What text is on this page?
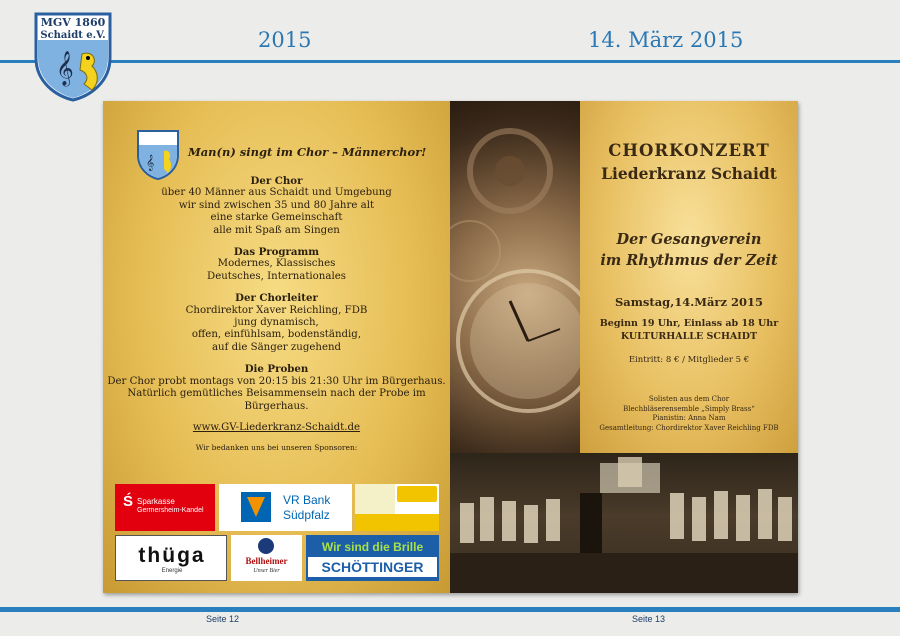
MGV 1860
Schaidt e.V.
𝄞
2015	14. März 2015
𝄞
Man(n) singt im Chor – Männerchor!
Der Chor
über 40 Männer aus Schaidt und Umgebung
wir sind zwischen 35 und 80 Jahre alt
eine starke Gemeinschaft
alle mit Spaß am Singen
Das Programm
Modernes, Klassisches
Deutsches, Internationales
Der Chorleiter
Chordirektor Xaver Reichling, FDB
jung dynamisch,
offen, einfühlsam, bodenständig,
auf die Sänger zugehend
Die Proben
Der Chor probt montags von 20:15 bis 21:30 Uhr im Bürgerhaus.
Natürlich gemütliches Beisammensein nach der Probe im Bürgerhaus.
www.GV-Liederkranz-Schaidt.de
Wir bedanken uns bei unseren Sponsoren:
Ś Sparkasse
Germersheim-Kandel
VR Bank
Südpfalz
thüga
Energie
Bellheimer
Unser Bier
Wir sind die Brille
SCHÖTTINGER
CHORKONZERT
Liederkranz Schaidt
Der Gesangverein
im Rhythmus der Zeit
Samstag,14.März 2015
Beginn 19 Uhr, Einlass ab 18 Uhr
KULTURHALLE SCHAIDT
Eintritt: 8 € / Mitglieder 5 €
Solisten aus dem Chor
Blechbläserensemble „Simply Brass“
Pianistin: Anna Nam
Gesamtleitung: Chordirektor Xaver Reichling FDB
Seite 12	Seite 13
